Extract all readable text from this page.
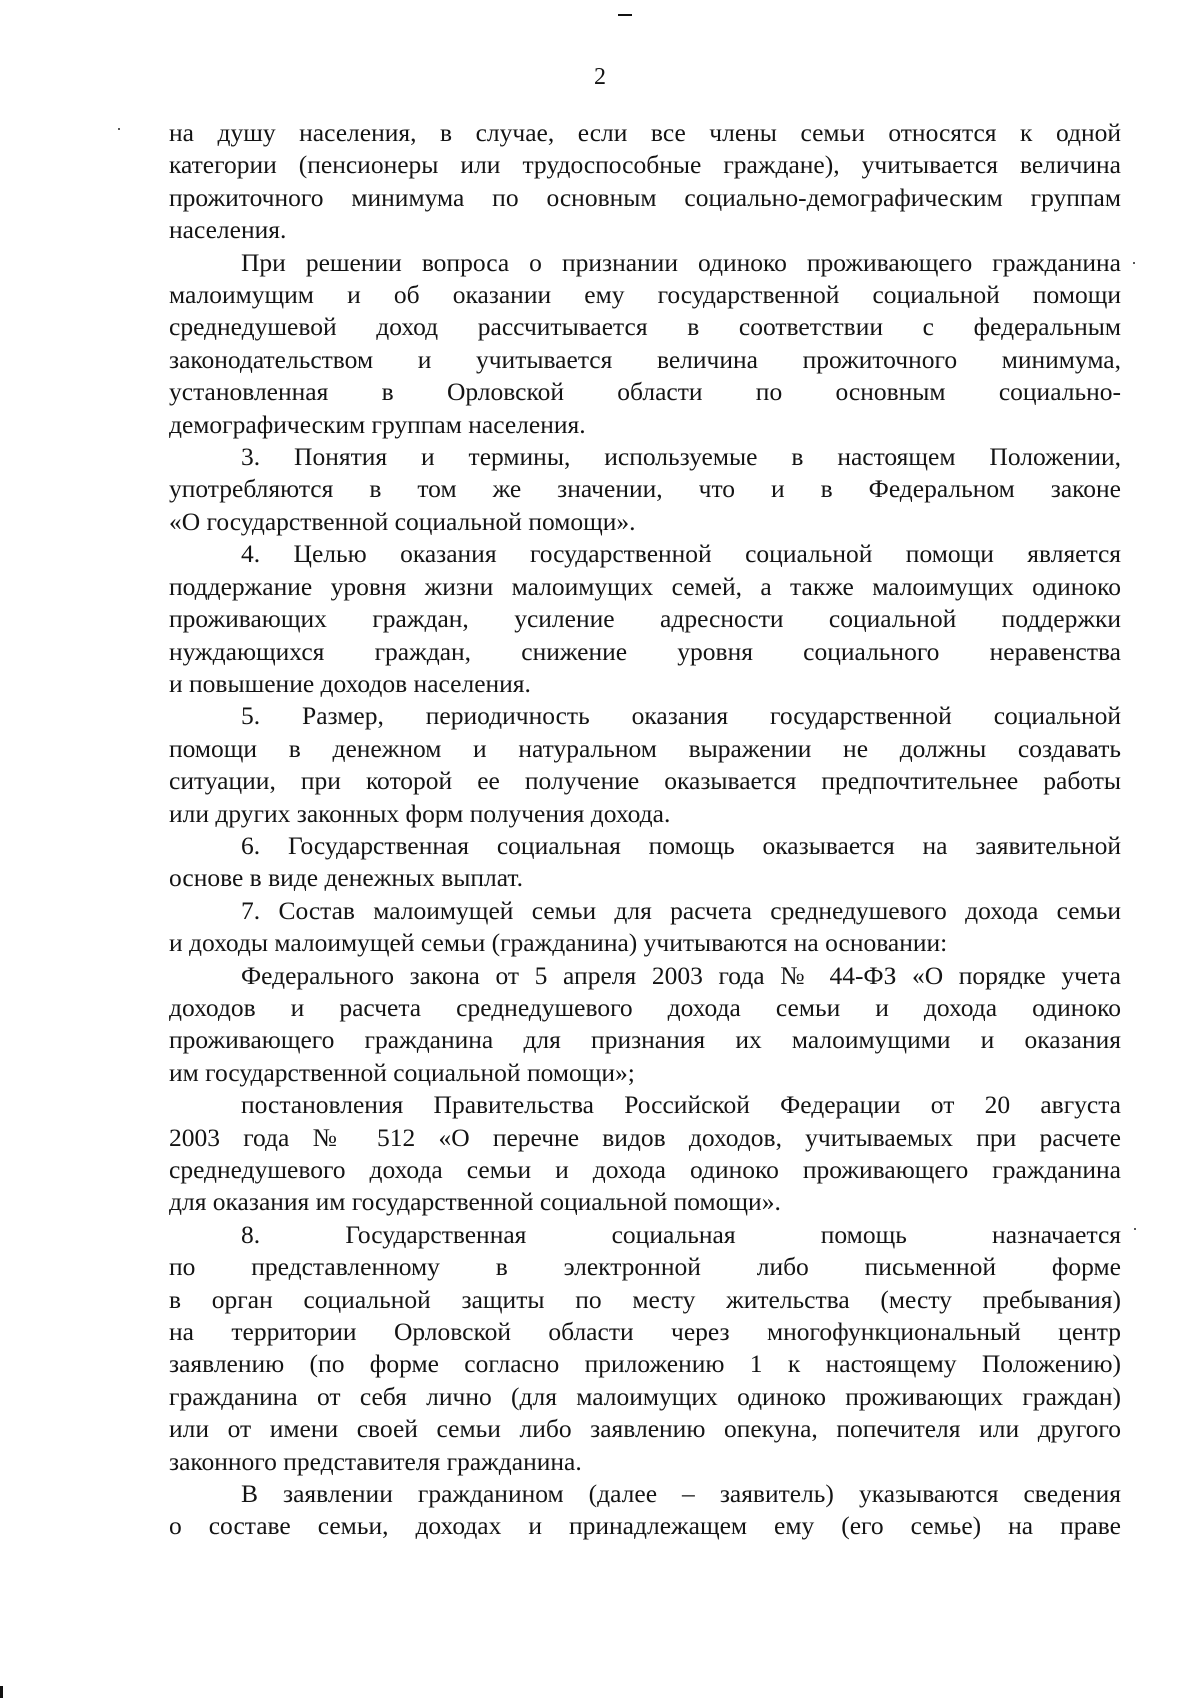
2
на душу населения, в случае, если все члены семьи относятся к одной
категории (пенсионеры или трудоспособные граждане), учитывается величина
прожиточного минимума по основным социально-демографическим группам
населения.
При решении вопроса о признании одиноко проживающего гражданина
малоимущим и об оказании ему государственной социальной помощи
среднедушевой доход рассчитывается в соответствии с федеральным
законодательством и учитывается величина прожиточного минимума,
установленная в Орловской области по основным социально-
демографическим группам населения.
3. Понятия и термины, используемые в настоящем Положении,
употребляются в том же значении, что и в Федеральном законе
«О государственной социальной помощи».
4. Целью оказания государственной социальной помощи является
поддержание уровня жизни малоимущих семей, а также малоимущих одиноко
проживающих граждан, усиление адресности социальной поддержки
нуждающихся граждан, снижение уровня социального неравенства
и повышение доходов населения.
5. Размер, периодичность оказания государственной социальной
помощи в денежном и натуральном выражении не должны создавать
ситуации, при которой ее получение оказывается предпочтительнее работы
или других законных форм получения дохода.
6. Государственная социальная помощь оказывается на заявительной
основе в виде денежных выплат.
7. Состав малоимущей семьи для расчета среднедушевого дохода семьи
и доходы малоимущей семьи (гражданина) учитываются на основании:
Федерального закона от 5 апреля 2003 года № 44-ФЗ «О порядке учета
доходов и расчета среднедушевого дохода семьи и дохода одиноко
проживающего гражданина для признания их малоимущими и оказания
им государственной социальной помощи»;
постановления Правительства Российской Федерации от 20 августа
2003 года № 512 «О перечне видов доходов, учитываемых при расчете
среднедушевого дохода семьи и дохода одиноко проживающего гражданина
для оказания им государственной социальной помощи».
8. Государственная социальная помощь назначается
по представленному в электронной либо письменной форме
в орган социальной защиты по месту жительства (месту пребывания)
на территории Орловской области через многофункциональный центр
заявлению (по форме согласно приложению 1 к настоящему Положению)
гражданина от себя лично (для малоимущих одиноко проживающих граждан)
или от имени своей семьи либо заявлению опекуна, попечителя или другого
законного представителя гражданина.
В заявлении гражданином (далее – заявитель) указываются сведения
о составе семьи, доходах и принадлежащем ему (его семье) на праве
